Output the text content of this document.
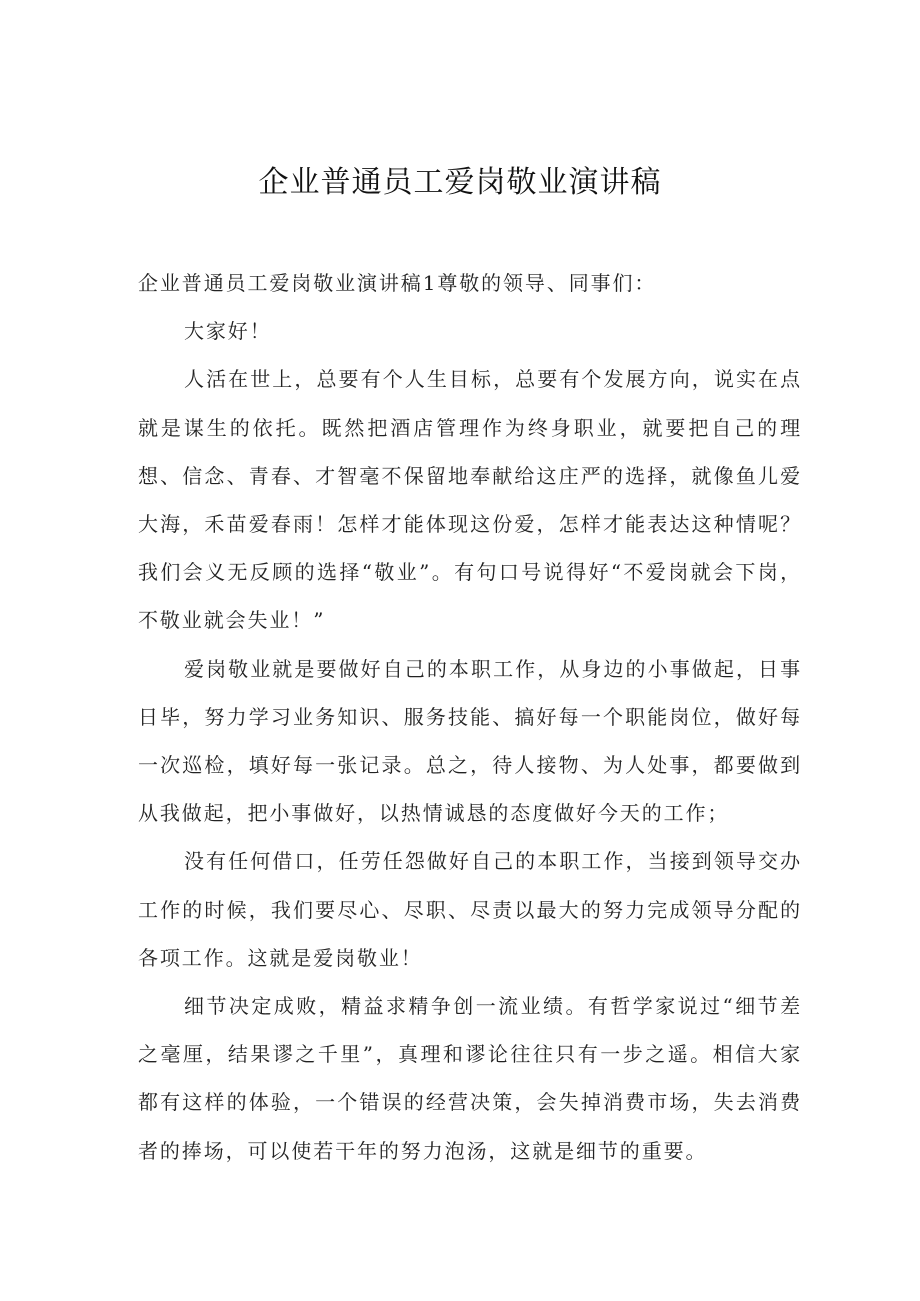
企业普通员工爱岗敬业演讲稿

企业普通员工爱岗敬业演讲稿1尊敬的领导、同事们：

大家好！

人活在世上，总要有个人生目标，总要有个发展方向，说实在点就是谋生的依托。既然把酒店管理作为终身职业，就要把自己的理想、信念、青春、才智毫不保留地奉献给这庄严的选择，就像鱼儿爱大海，禾苗爱春雨！怎样才能体现这份爱，怎样才能表达这种情呢？我们会义无反顾的选择“敬业”。有句口号说得好“不爱岗就会下岗，不敬业就会失业！”

爱岗敬业就是要做好自己的本职工作，从身边的小事做起，日事日毕，努力学习业务知识、服务技能、搞好每一个职能岗位，做好每一次巡检，填好每一张记录。总之，待人接物、为人处事，都要做到从我做起，把小事做好，以热情诚恳的态度做好今天的工作；

没有任何借口，任劳任怨做好自己的本职工作，当接到领导交办工作的时候，我们要尽心、尽职、尽责以最大的努力完成领导分配的各项工作。这就是爱岗敬业！

细节决定成败，精益求精争创一流业绩。有哲学家说过“细节差之毫厘，结果谬之千里”，真理和谬论往往只有一步之遥。相信大家都有这样的体验，一个错误的经营决策，会失掉消费市场，失去消费者的捧场，可以使若干年的努力泡汤，这就是细节的重要。
